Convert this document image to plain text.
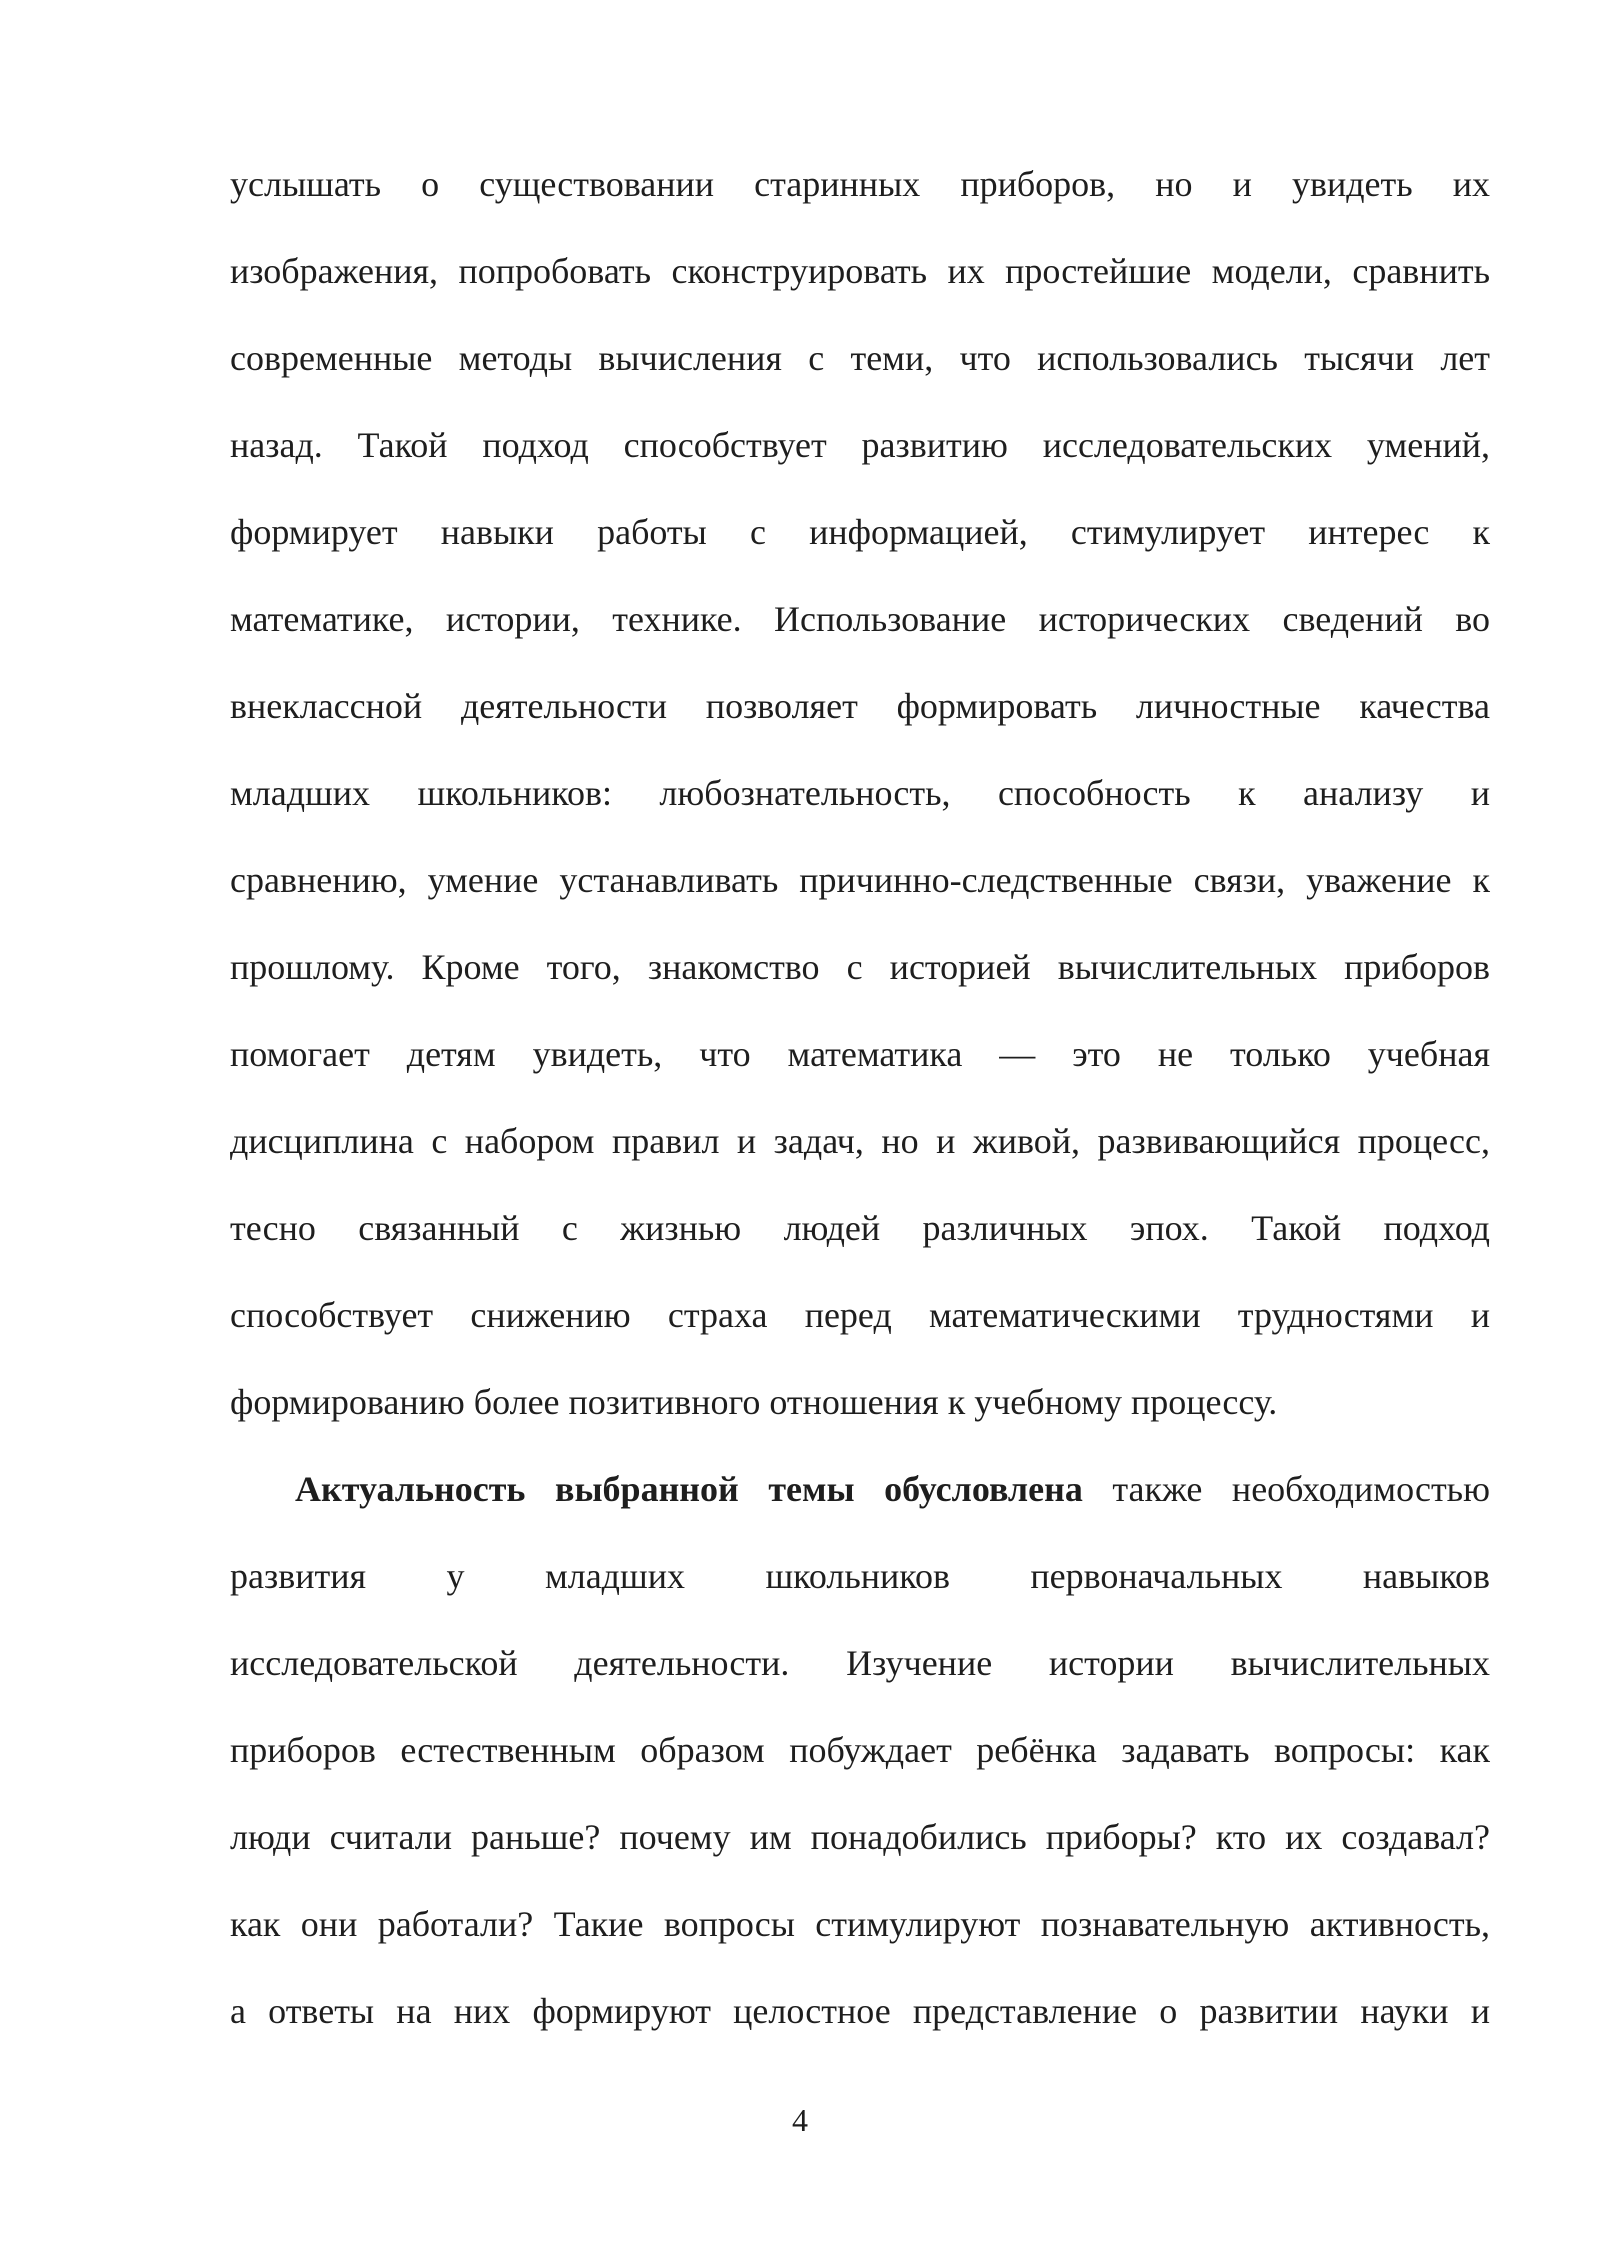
услышать о существовании старинных приборов, но и увидеть их
изображения, попробовать сконструировать их простейшие модели, сравнить
современные методы вычисления с теми, что использовались тысячи лет
назад. Такой подход способствует развитию исследовательских умений,
формирует навыки работы с информацией, стимулирует интерес к
математике, истории, технике. Использование исторических сведений во
внеклассной деятельности позволяет формировать личностные качества
младших школьников: любознательность, способность к анализу и
сравнению, умение устанавливать причинно-следственные связи, уважение к
прошлому. Кроме того, знакомство с историей вычислительных приборов
помогает детям увидеть, что математика — это не только учебная
дисциплина с набором правил и задач, но и живой, развивающийся процесс,
тесно связанный с жизнью людей различных эпох. Такой подход
способствует снижению страха перед математическими трудностями и
формированию более позитивного отношения к учебному процессу.

Актуальность выбранной темы обусловлена также необходимостью
развития у младших школьников первоначальных навыков
исследовательской деятельности. Изучение истории вычислительных
приборов естественным образом побуждает ребёнка задавать вопросы: как
люди считали раньше? почему им понадобились приборы? кто их создавал?
как они работали? Такие вопросы стимулируют познавательную активность,
а ответы на них формируют целостное представление о развитии науки и

4
